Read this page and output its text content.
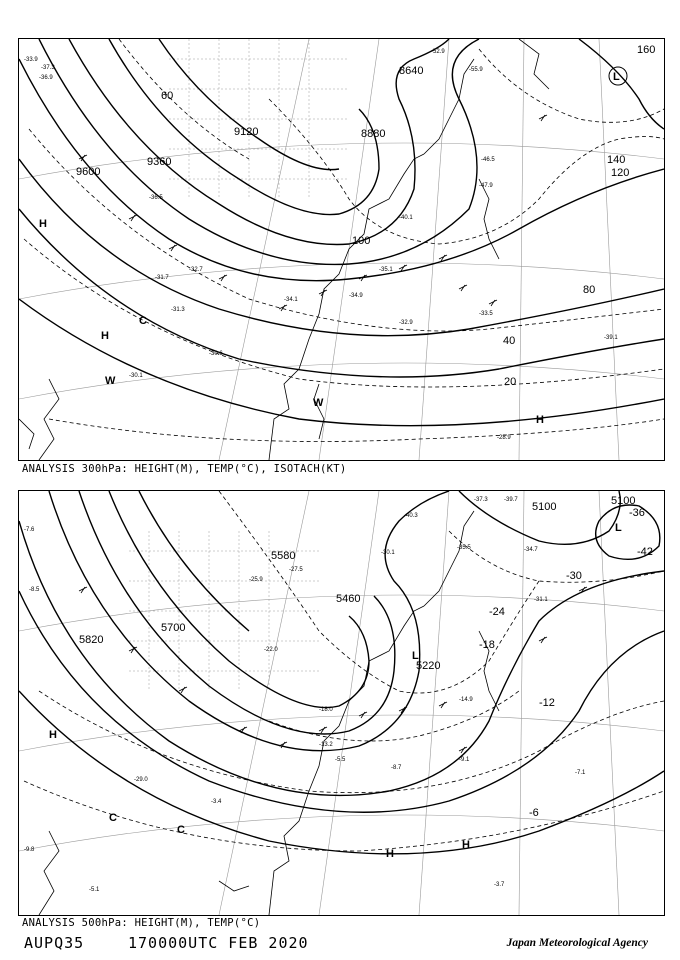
9600
9120
8640
8880
9360
20
40
60
80
100
120
140
160
-33.9
-36.9
-37.3
-34.1
-32.9
-33.5
-31.3
-30.6
-30.1
-28.9
-40.1
-47.9
-46.5
-55.9
-52.9
-39.1
-32.7
-31.7
-35.1
-34.9
-36.5
H
H
H
L
W
W
C
ANALYSIS 300hPa: HEIGHT(M), TEMP(°C), ISOTACH(KT)
5100	5100
5580
5460
5700
5220
5820
-36
-42
-24
-12
-6
-30
-18
-37.3	-39.7
-40.3
-35.5	-34.7
-31.1
-27.5
-25.9
-22.0
-18.0
-14.9
-13.2
-9.1
-8.7
-7.1
-5.5
-3.7
-3.4
-5.1
-7.6
-8.5
-9.8
-29.0
-30.1
H
H
H
L
L
C
C
ANALYSIS 500hPa: HEIGHT(M), TEMP(°C)
AUPQ35	170000UTC FEB 2020	Japan Meteorological Agency
